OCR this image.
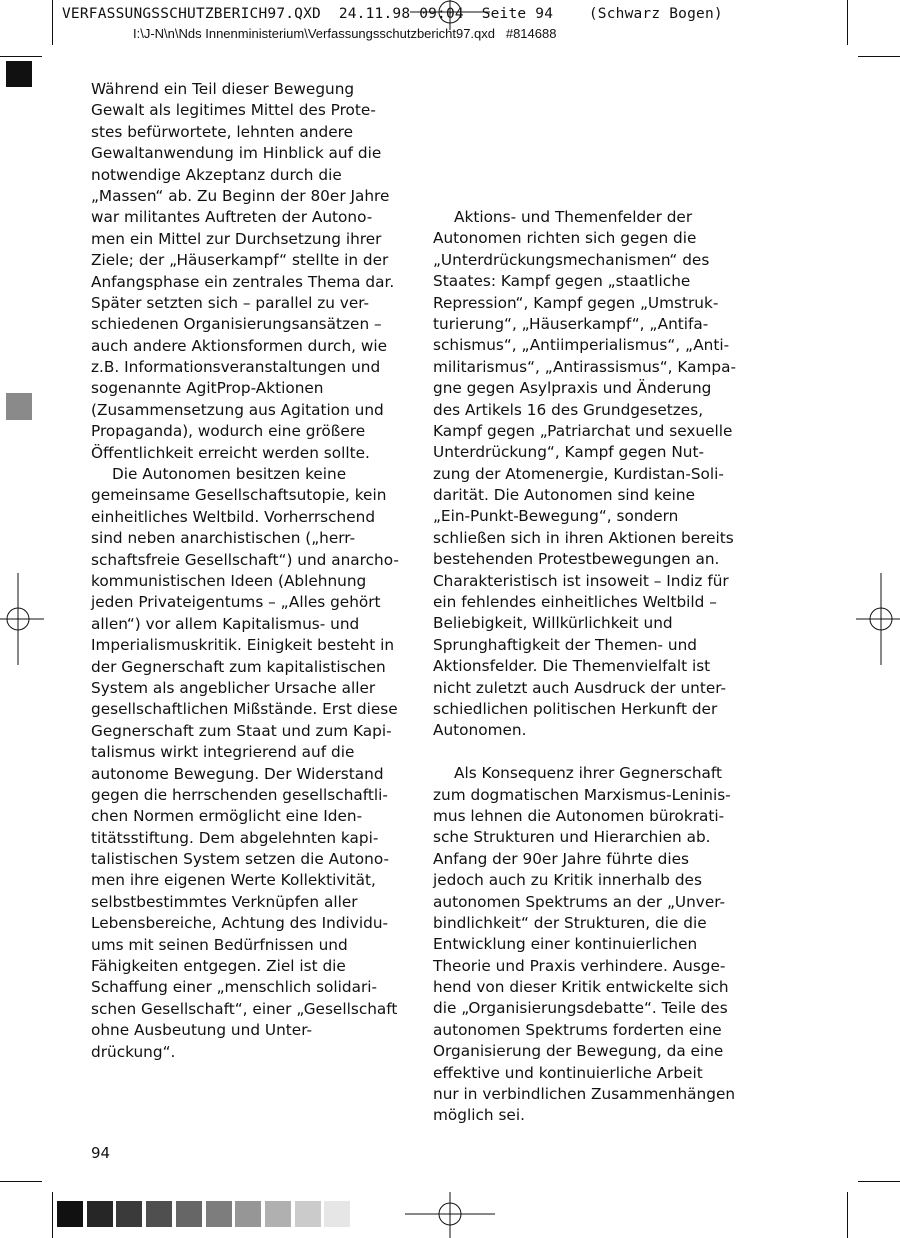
VERFASSUNGSSCHUTZBERICH97.QXD  24.11.98 09:04  Seite 94    (Schwarz Bogen)
I:\J-N\n\Nds Innenministerium\Verfassungsschutzbericht97.qxd   #814688
Während ein Teil dieser Bewegung
Gewalt als legitimes Mittel des Prote-
stes befürwortete, lehnten andere
Gewaltanwendung im Hinblick auf die
notwendige Akzeptanz durch die
„Massen“ ab. Zu Beginn der 80er Jahre
war militantes Auftreten der Autono-
men ein Mittel zur Durchsetzung ihrer
Ziele; der „Häuserkampf“ stellte in der
Anfangsphase ein zentrales Thema dar.
Später setzten sich – parallel zu ver-
schiedenen Organisierungsansätzen –
auch andere Aktionsformen durch, wie
z.B. Informationsveranstaltungen und
sogenannte AgitProp-Aktionen
(Zusammensetzung aus Agitation und
Propaganda), wodurch eine größere
Öffentlichkeit erreicht werden sollte.
Die Autonomen besitzen keine
gemeinsame Gesellschaftsutopie, kein
einheitliches Weltbild. Vorherrschend
sind neben anarchistischen („herr-
schaftsfreie Gesellschaft“) und anarcho-
kommunistischen Ideen (Ablehnung
jeden Privateigentums – „Alles gehört
allen“) vor allem Kapitalismus- und
Imperialismuskritik. Einigkeit besteht in
der Gegnerschaft zum kapitalistischen
System als angeblicher Ursache aller
gesellschaftlichen Mißstände. Erst diese
Gegnerschaft zum Staat und zum Kapi-
talismus wirkt integrierend auf die
autonome Bewegung. Der Widerstand
gegen die herrschenden gesellschaftli-
chen Normen ermöglicht eine Iden-
titätsstiftung. Dem abgelehnten kapi-
talistischen System setzen die Autono-
men ihre eigenen Werte Kollektivität,
selbstbestimmtes Verknüpfen aller
Lebensbereiche, Achtung des Individu-
ums mit seinen Bedürfnissen und
Fähigkeiten entgegen. Ziel ist die
Schaffung einer „menschlich solidari-
schen Gesellschaft“, einer „Gesellschaft
ohne Ausbeutung und Unter-
drückung“.
Aktions- und Themenfelder der
Autonomen richten sich gegen die
„Unterdrückungsmechanismen“ des
Staates: Kampf gegen „staatliche
Repression“, Kampf gegen „Umstruk-
turierung“, „Häuserkampf“, „Antifa-
schismus“, „Antiimperialismus“, „Anti-
militarismus“, „Antirassismus“, Kampa-
gne gegen Asylpraxis und Änderung
des Artikels 16 des Grundgesetzes,
Kampf gegen „Patriarchat und sexuelle
Unterdrückung“, Kampf gegen Nut-
zung der Atomenergie, Kurdistan-Soli-
darität. Die Autonomen sind keine
„Ein-Punkt-Bewegung“, sondern
schließen sich in ihren Aktionen bereits
bestehenden Protestbewegungen an.
Charakteristisch ist insoweit – Indiz für
ein fehlendes einheitliches Weltbild –
Beliebigkeit, Willkürlichkeit und
Sprunghaftigkeit der Themen- und
Aktionsfelder. Die Themenvielfalt ist
nicht zuletzt auch Ausdruck der unter-
schiedlichen politischen Herkunft der
Autonomen.
Als Konsequenz ihrer Gegnerschaft
zum dogmatischen Marxismus-Leninis-
mus lehnen die Autonomen bürokrati-
sche Strukturen und Hierarchien ab.
Anfang der 90er Jahre führte dies
jedoch auch zu Kritik innerhalb des
autonomen Spektrums an der „Unver-
bindlichkeit“ der Strukturen, die die
Entwicklung einer kontinuierlichen
Theorie und Praxis verhindere. Ausge-
hend von dieser Kritik entwickelte sich
die „Organisierungsdebatte“. Teile des
autonomen Spektrums forderten eine
Organisierung der Bewegung, da eine
effektive und kontinuierliche Arbeit
nur in verbindlichen Zusammenhängen
möglich sei.
94
